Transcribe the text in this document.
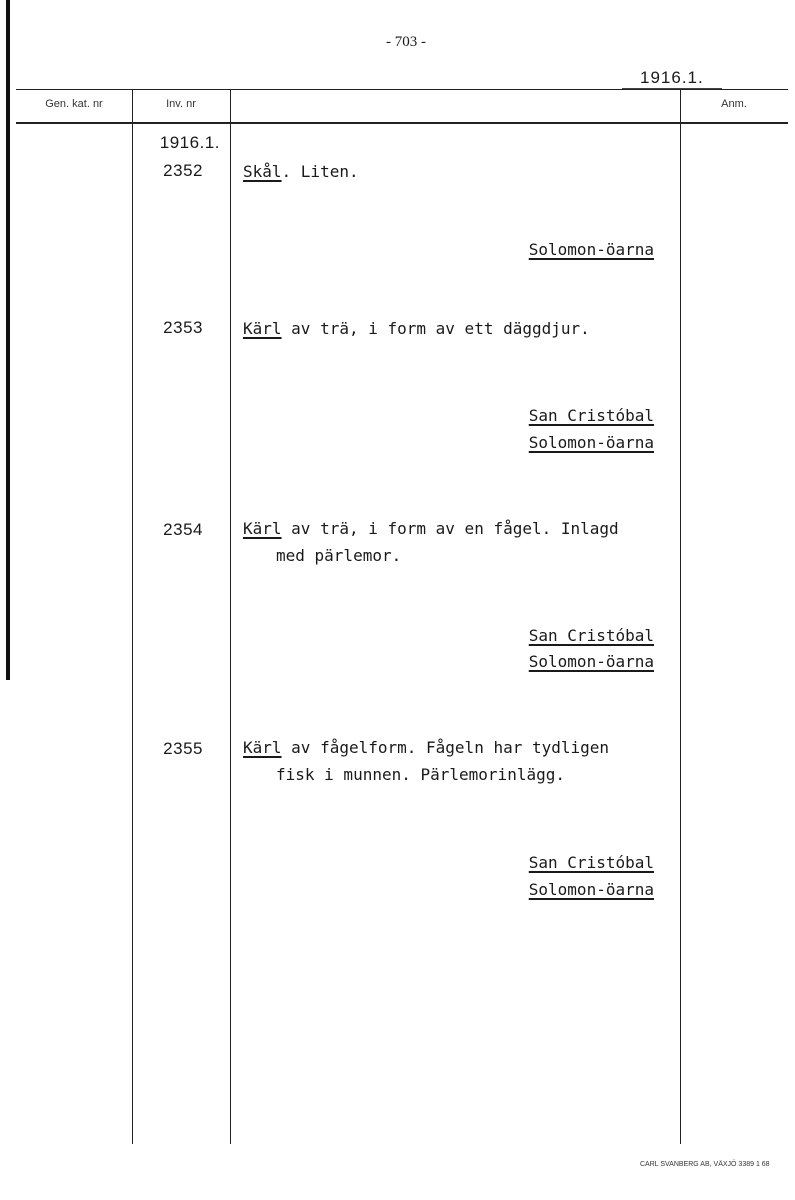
- 703 -
1916.1.
Gen. kat. nr	Inv. nr	Anm.
1916.1.
2352	Skål. Liten.
Solomon-öarna
2353	Kärl av trä, i form av ett däggdjur.
San Cristóbal
Solomon-öarna
2354	Kärl av trä, i form av en fågel. Inlagd
med pärlemor.
San Cristóbal
Solomon-öarna
2355	Kärl av fågelform. Fågeln har tydligen
fisk i munnen. Pärlemorinlägg.
San Cristóbal
Solomon-öarna
CARL SVANBERG AB, VÄXJÖ 3389 1 68
